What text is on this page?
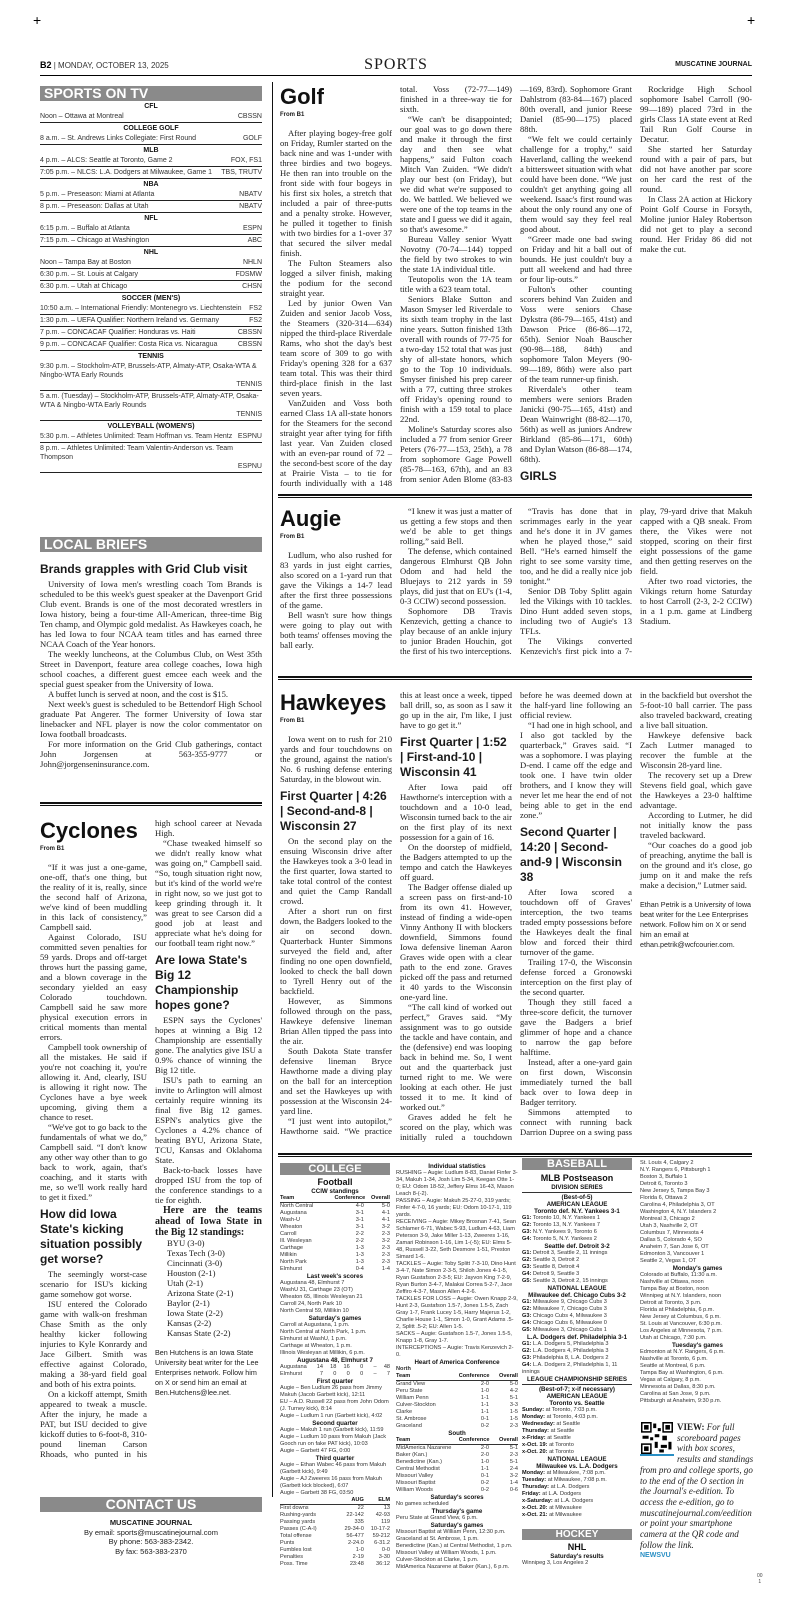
+	+
B2 | MONDAY, OCTOBER 13, 2025	SPORTS	MUSCATINE JOURNAL
SPORTS ON TV
CFL
Noon – Ottawa at Montreal	CBSSN
COLLEGE GOLF
8 a.m. – St. Andrews Links Collegiate: First Round	GOLF
MLB
4 p.m. – ALCS: Seattle at Toronto, Game 2	FOX, FS1
7:05 p.m. – NLCS: L.A. Dodgers at Milwaukee, Game 1 TBS, TRUTV
NBA
5 p.m. – Preseason: Miami at Atlanta	NBATV
8 p.m. – Preseason: Dallas at Utah	NBATV
NFL
6:15 p.m. – Buffalo at Atlanta	ESPN
7:15 p.m. – Chicago at Washington	ABC
NHL
Noon – Tampa Bay at Boston	NHLN
6:30 p.m. – St. Louis at Calgary	FDSMW
6:30 p.m. – Utah at Chicago	CHSN
SOCCER (MEN'S)
10:50 a.m. – International Friendly: Montenegro vs. Liechtenstein FS2
1:30 p.m. – UEFA Qualifier: Northern Ireland vs. Germany	FS2
7 p.m. – CONCACAF Qualifier: Honduras vs. Haiti	CBSSN
9 p.m. – CONCACAF Qualifier: Costa Rica vs. Nicaragua	CBSSN
TENNIS
9:30 p.m. – Stockholm-ATP, Brussels-ATP, Almaty-ATP, Osaka-WTA & Ningbo-WTA Early Rounds
TENNIS
5 a.m. (Tuesday) – Stockholm-ATP, Brussels-ATP, Almaty-ATP, Osaka-WTA & Ningbo-WTA Early Rounds
TENNIS
VOLLEYBALL (WOMEN'S)
5:30 p.m. – Athletes Unlimited: Team Hoffman vs. Team Hentz ESPNU
8 p.m. – Athletes Unlimited: Team Valentin-Anderson vs. Team Thompson
ESPNU
LOCAL BRIEFS
Brands grapples with Grid Club visit

University of Iowa men's wrestling coach Tom Brands is scheduled to be this week's guest speaker at the Davenport Grid Club event. Brands is one of the most decorated wrestlers in Iowa history, being a four-time All-American, three-time Big Ten champ, and Olympic gold medalist. As Hawkeyes coach, he has led Iowa to four NCAA team titles and has earned three NCAA Coach of the Year honors.

The weekly luncheons, at the Columbus Club, on West 35th Street in Davenport, feature area college coaches, Iowa high school coaches, a different guest emcee each week and the special guest speaker from the University of Iowa.

A buffet lunch is served at noon, and the cost is $15.

Next week's guest is scheduled to be Bettendorf High School graduate Pat Angerer. The former University of Iowa star linebacker and NFL player is now the color commentator on Iowa football broadcasts.

For more information on the Grid Club gatherings, contact John Jorgensen at 563-355-9777 or John@jorgenseninsurance.com.

Cyclones
From B1

“If it was just a one-game, one-off, that's one thing, but the reality of it is, really, since the second half of Arizona, we've kind of been muddling in this lack of consistency,” Campbell said.

Against Colorado, ISU committed seven penalties for 59 yards. Drops and off-target throws hurt the passing game, and a blown coverage in the secondary yielded an easy Colorado touchdown. Campbell said he saw more physical execution errors in critical moments than mental errors.

Campbell took ownership of all the mistakes. He said if you're not coaching it, you're allowing it. And, clearly, ISU is allowing it right now. The Cyclones have a bye week upcoming, giving them a chance to reset.

“We've got to go back to the fundamentals of what we do,” Campbell said. “I don't know any other way other than to go back to work, again, that's coaching, and it starts with me, so we'll work really hard to get it fixed.”

How did Iowa State's kicking situation possibly get worse?

The seemingly worst-case scenario for ISU's kicking game somehow got worse.

ISU entered the Colorado game with walk-on freshman Chase Smith as the only healthy kicker following injuries to Kyle Konrardy and Jace Gilbert. Smith was effective against Colorado, making a 38-yard field goal and both of his extra points.

On a kickoff attempt, Smith appeared to tweak a muscle. After the injury, he made a PAT, but ISU decided to give kickoff duties to 6-foot-8, 310-pound lineman Carson Rhoads, who punted in his high school career at Nevada High.

“Chase tweaked himself so we didn't really know what was going on,” Campbell said. “So, tough situation right now, but it's kind of the world we're in right now, so we just got to keep grinding through it. It was great to see Carson did a good job at least and appreciate what he's doing for our football team right now.”

Are Iowa State's Big 12 Championship hopes gone?

ESPN says the Cyclones' hopes at winning a Big 12 Championship are essentially gone. The analytics give ISU a 0.9% chance of winning the Big 12 title.

ISU's path to earning an invite to Arlington will almost certainly require winning its final five Big 12 games. ESPN's analytics give the Cyclones a 4.2% chance of beating BYU, Arizona State, TCU, Kansas and Oklahoma State.

Back-to-back losses have dropped ISU from the top of the conference standings to a tie for eighth.

Here are the teams ahead of Iowa State in the Big 12 standings:

BYU (3-0)
Texas Tech (3-0)
Cincinnati (3-0)
Houston (2-1)
Utah (2-1)
Arizona State (2-1)
Baylor (2-1)
Iowa State (2-2)
Kansas (2-2)
Kansas State (2-2)
Ben Hutchens is an Iowa State University beat writer for the Lee Enterprises network. Follow him on X or send him an email at Ben.Hutchens@lee.net.
CONTACT US
MUSCATINE JOURNAL
By email: sports@muscatinejournal.com
By phone: 563-383-2342.
By fax: 563-383-2370
Golf
From B1

After playing bogey-free golf on Friday, Rumler started on the back nine and was 1-under with three birdies and two bogeys. He then ran into trouble on the front side with four bogeys in his first six holes, a stretch that included a pair of three-putts and a penalty stroke. However, he pulled it together to finish with two birdies for a 1-over 37 that secured the silver medal finish.

The Fulton Steamers also logged a silver finish, making the podium for the second straight year.

Led by junior Owen Van Zuiden and senior Jacob Voss, the Steamers (320-314—634) nipped the third-place Riverdale Rams, who shot the day's best team score of 309 to go with Friday's opening 328 for a 637 team total. This was their third third-place finish in the last seven years.

VanZuiden and Voss both earned Class 1A all-state honors for the Steamers for the second straight year after tying for fifth last year. Van Zuiden closed with an even-par round of 72 – the second-best score of the day at Prairie Vista – to tie for fourth individually with a 148 total. Voss (72-77—149) finished in a three-way tie for sixth.

“We can't be disappointed; our goal was to go down there and make it through the first day and then see what happens,” said Fulton coach Mitch Van Zuiden. “We didn't play our best (on Friday), but we did what we're supposed to do. We battled. We believed we were one of the top teams in the state and I guess we did it again, so that's awesome.”

Bureau Valley senior Wyatt Novotny (70-74—144) topped the field by two strokes to win the state 1A individual title.

Teutopolis won the 1A team title with a 623 team total.

Seniors Blake Sutton and Mason Smyser led Riverdale to its sixth team trophy in the last nine years. Sutton finished 13th overall with rounds of 77-75 for a two-day 152 total that was just shy of all-state honors, which go to the Top 10 individuals. Smyser finished his prep career with a 77, cutting three strokes off Friday's opening round to finish with a 159 total to place 22nd.

Moline's Saturday scores also included a 77 from senior Greer Peters (76-77—153, 25th), a 78 from sophomore Gage Powell (85-78—163, 67th), and an 83 from senior Aden Blome (83-83—169, 83rd). Sophomore Grant Dahlstrom (83-84—167) placed 80th overall, and junior Reese Daniel (85-90—175) placed 88th.

“We felt we could certainly challenge for a trophy,” said Haverland, calling the weekend a bittersweet situation with what could have been done. “We just couldn't get anything going all weekend. Isaac's first round was about the only round any one of them would say they feel real good about.

“Greer made one bad swing on Friday and hit a ball out of bounds. He just couldn't buy a putt all weekend and had three or four lip-outs.”

Fulton's other counting scorers behind Van Zuiden and Voss were seniors Chase Dykstra (86-79—165, 41st) and Dawson Price (86-86—172, 65th). Senior Noah Bauscher (90-98—188, 84th) and sophomore Talon Meyers (90-99—189, 86th) were also part of the team runner-up finish.

Riverdale's other team members were seniors Braden Janicki (90-75—165, 41st) and Dean Wainwright (88-82—170, 56th) as well as juniors Andrew Birkland (85-86—171, 60th) and Dylan Watson (86-88—174, 68th).

GIRLS

Rockridge High School sophomore Isabel Carroll (90-99—189) placed 73rd in the girls Class 1A state event at Red Tail Run Golf Course in Decatur.

She started her Saturday round with a pair of pars, but did not have another par score on her card the rest of the round.

In Class 2A action at Hickory Point Golf Course in Forsyth, Moline junior Haley Robertson did not get to play a second round. Her Friday 86 did not make the cut.

Augie
From B1

Ludlum, who also rushed for 83 yards in just eight carries, also scored on a 1-yard run that gave the Vikings a 14-7 lead after the first three possessions of the game.

Bell wasn't sure how things were going to play out with both teams' offenses moving the ball early.

“I knew it was just a matter of us getting a few stops and then we'd be able to get things rolling,” said Bell.

The defense, which contained dangerous Elmhurst QB John Odom and had held the Bluejays to 212 yards in 59 plays, did just that on EU's (1-4, 0-3 CCIW) second possession.

Sophomore DB Travis Kenzevich, getting a chance to play because of an ankle injury to junior Braden Houchin, got the first of his two interceptions.

“Travis has done that in scrimmages early in the year and he's done it in JV games when he played those,” said Bell. “He's earned himself the right to see some varsity time, too, and he did a really nice job tonight.”

Senior DB Toby Splitt again led the Vikings with 10 tackles. Dino Hunt added seven stops, including two of Augie's 13 TFLs.

The Vikings converted Kenzevich's first pick into a 7-play, 79-yard drive that Makuh capped with a QB sneak. From there, the Vikes were not stopped, scoring on their first eight possessions of the game and then getting reserves on the field.

After two road victories, the Vikings return home Saturday to host Carroll (2-3, 2-2 CCIW) in a 1 p.m. game at Lindberg Stadium.

Hawkeyes
From B1

Iowa went on to rush for 210 yards and four touchdowns on the ground, against the nation's No. 6 rushing defense entering Saturday, in the blowout win.

First Quarter | 4:26 | Second-and-8 | Wisconsin 27

On the second play on the ensuing Wisconsin drive after the Hawkeyes took a 3-0 lead in the first quarter, Iowa started to take total control of the contest and quiet the Camp Randall crowd.

After a short run on first down, the Badgers looked to the air on second down. Quarterback Hunter Simmons surveyed the field and, after finding no one open downfield, looked to check the ball down to Tyrell Henry out of the backfield.

However, as Simmons followed through on the pass, Hawkeye defensive lineman Brian Allen tipped the pass into the air.

South Dakota State transfer defensive lineman Bryce Hawthorne made a diving play on the ball for an interception and set the Hawkeyes up with possession at the Wisconsin 24-yard line.

“I just went into autopilot,” Hawthorne said. “We practice this at least once a week, tipped ball drill, so, as soon as I saw it go up in the air, I'm like, I just have to go get it.”

First Quarter | 1:52 | First-and-10 | Wisconsin 41

After Iowa paid off Hawthorne's interception with a touchdown and a 10-0 lead, Wisconsin turned back to the air on the first play of its next possession for a gain of 16.

On the doorstep of midfield, the Badgers attempted to up the tempo and catch the Hawkeyes off guard.

The Badger offense dialed up a screen pass on first-and-10 from its own 41. However, instead of finding a wide-open Vinny Anthony II with blockers downfield, Simmons found Iowa defensive lineman Aaron Graves wide open with a clear path to the end zone. Graves picked off the pass and returned it 40 yards to the Wisconsin one-yard line.

“The call kind of worked out perfect,” Graves said. “My assignment was to go outside the tackle and have contain, and the (defensive) end was looping back in behind me. So, I went out and the quarterback just turned right to me. We were looking at each other. He just tossed it to me. It kind of worked out.”

Graves added he felt he scored on the play, which was initially ruled a touchdown before he was deemed down at the half-yard line following an official review.

“I had one in high school, and I also got tackled by the quarterback,” Graves said. “I was a sophomore. I was playing D-end. I came off the edge and took one. I have twin older brothers, and I know they will never let me hear the end of not being able to get in the end zone.”

Second Quarter | 14:20 | Second-and-9 | Wisconsin 38

After Iowa scored a touchdown off of Graves' interception, the two teams traded empty possessions before the Hawkeyes dealt the final blow and forced their third turnover of the game.

Trailing 17-0, the Wisconsin defense forced a Gronowski interception on the first play of the second quarter.

Though they still faced a three-score deficit, the turnover gave the Badgers a brief glimmer of hope and a chance to narrow the gap before halftime.

Instead, after a one-yard gain on first down, Wisconsin immediately turned the ball back over to Iowa deep in Badger territory.

Simmons attempted to connect with running back Darrion Dupree on a swing pass in the backfield but overshot the 5-foot-10 ball carrier. The pass also traveled backward, creating a live ball situation.

Hawkeye defensive back Zach Lutmer managed to recover the fumble at the Wisconsin 28-yard line.

The recovery set up a Drew Stevens field goal, which gave the Hawkeyes a 23-0 halftime advantage.

According to Lutmer, he did not initially know the pass traveled backward.

“Our coaches do a good job of preaching, anytime the ball is on the ground and it's close, go jump on it and make the refs make a decision,” Lutmer said.

Ethan Petrik is a University of Iowa beat writer for the Lee Enterprises network. Follow him on X or send him an email at ethan.petrik@wcfcourier.com.
COLLEGE
Football
CCIW standings
Team	Conference	Overall
North Central	4-0	5-0
Augustana	3-1	4-1
Wash-U	3-1	4-1
Wheaton	3-1	3-2
Carroll	2-2	2-3
Ill. Wesleyan	2-2	3-2
Carthage	1-3	2-3
Millikin	1-3	2-3
North Park	1-3	2-3
Elmhurst	0-4	1-4
Last week's scores
Augustana 48, Elmhurst 7
WashU 31, Carthage 23 (OT)
Wheaton 65, Illinois Wesleyan 21
Carroll 24, North Park 10
North Central 59, Millikin 10
Saturday's games
Carroll at Augustana, 1 p.m.
North Central at North Park, 1 p.m.
Elmhurst at WashU, 1 p.m.
Carthage at Wheaton, 1 p.m.
Illinois Wesleyan at Millikin, 6 p.m.
Augustana 48, Elmhurst 7
Augustana	14	18	16	0	–	48
Elmhurst	7	0	0	0	–	7
First quarter
Augie – Ben Ludlum 26 pass from Jimmy Makuh (Jacob Garbett kick), 12:11
EU – A.D. Russell 22 pass from John Odom (J. Turney kick), 8:14
Augie – Ludlum 1 run (Garbett kick), 4:02
Second quarter
Augie – Makuh 1 run (Garbett kick), 11:59
Augie – Ludlum 10 pass from Makuh (Jack Gooch run on fake PAT kick), 10:03
Augie – Garbett 47 FG, 0:00
Third quarter
Augie – Ethan Wabec 46 pass from Makuh (Garbett kick), 9:49
Augie – AJ Zweeres 16 pass from Makuh (Garbett kick blocked), 6:07
Augie – Garbett 38 FG, 03:50
AUG	ELM
First downs	22	13
Rushing-yards	22-142	42-93
Passing yards	335	119
Passes (C-A-I)	29-34-0	10-17-2
Total offense	56-477	59-212
Punts	2-24.0	6-31.2
Fumbles lost	1-0	0-0
Penalties	2-19	3-30
Poss. Time	23:48	36:12
Individual statistics
RUSHING – Augie: Ludlum 8-83, Daniel Finfer 3-34, Makuh 1-34, Josh Lim 5-34, Keegan Otte 1-0; EU: Odom 18-52, Jeffery Elms 16-43, Mason Leach 8-(-2).
PASSING – Augie: Makuh 25-27-0, 319 yards; Finfer 4-7-0, 16 yards; EU: Odom 10-17-1, 119 yards.
RECEIVING – Augie: Mikey Brosnan 7-41, Sean Schlamer 6-71, Wabec 5-93, Ludlum 4-63, Liam Peterson 3-9, Jake Miller 1-13, Zweeres 1-16, Zamari Robinson 1-16, Lim 1-(-5); EU: Elms 5-48, Russell 3-22, Seth Desmore 1-51, Preston Simard 1-6.
TACKLES – Augie: Toby Splitt 7-3-10, Dino Hunt 3-4-7, Nate Simon 2-3-5, Shiloh Jones 4-1-5, Ryan Gustafson 2-3-5; EU: Jayvon King 7-2-9, Ryan Burton 3-4-7, Malakai Correa 5-2-7, Jace Zeffiro 4-3-7, Mason Allen 4-2-6.
TACKLES FOR LOSS – Augie: Owen Knapp 2-9, Hunt 2-3, Gustafson 1.5-7, Jones 1.5-5, Zach Gray 1-7, Frank Lucey 1-5, Harry Majerus 1-2, Charlie House 1-1, Simon 1-0, Grant Adams .5-2, Splitt .5-2; EU: Allen 1-5.
SACKS – Augie: Gustafson 1.5-7, Jones 1.5-5, Knapp 1-8, Gray 1-7.
INTERCEPTIONS – Augie: Travis Kenzevich 2-0.
Heart of America Conference
North
Team	Conference	Overall
Grand View	2-0	5-0
Peru State	1-0	4-2
William Penn	1-1	5-1
Culver-Stockton	1-1	3-3
Clarke	1-1	1-5
St. Ambrose	0-1	1-5
Graceland	0-2	2-3
South
Team	Conference	Overall
MidAmerica Nazarene	2-0	5-1
Baker (Kan.)	2-0	2-3
Benedictine (Kan.)	1-0	5-1
Central Methodist	1-1	2-4
Missouri Valley	0-1	3-2
Missouri Baptist	0-2	1-4
William Woods	0-2	0-6
Saturday's scores
No games scheduled
Thursday's game
Peru State at Grand View, 6 p.m.
Saturday's games
Missouri Baptist at William Penn, 12:30 p.m.
Graceland at St. Ambrose, 1 p.m.
Benedictine (Kan.) at Central Methodist, 1 p.m.
Missouri Valley at William Woods, 1 p.m.
Culver-Stockton at Clarke, 1 p.m.
MidAmerica Nazarene at Baker (Kan.), 6 p.m.
BASEBALL
MLB Postseason
DIVISION SERIES
(Best-of-5)
AMERICAN LEAGUE
Toronto def. N.Y. Yankees 3-1
G1: Toronto 10, N.Y. Yankees 1
G2: Toronto 13, N.Y. Yankees 7
G3: N.Y. Yankees 9, Toronto 6
G4: Toronto 5, N.Y. Yankees 2
Seattle def. Detroit 3-2
G1: Detroit 3, Seattle 2, 11 innings
G2: Seattle 3, Detroit 2
G3: Seattle 8, Detroit 4
G4: Detroit 9, Seattle 3
G5: Seattle 3, Detroit 2, 15 innings
NATIONAL LEAGUE
Milwaukee def. Chicago Cubs 3-2
G1: Milwaukee 9, Chicago Cubs 3
G2: Milwaukee 7, Chicago Cubs 3
G3: Chicago Cubs 4, Milwaukee 3
G4: Chicago Cubs 6, Milwaukee 0
G5: Milwaukee 3, Chicago Cubs 1
L.A. Dodgers def. Philadelphia 3-1
G1: L.A. Dodgers 5, Philadelphia 3
G2: L.A. Dodgers 4, Philadelphia 3
G3: Philadelphia 8, L.A. Dodgers 2
G4: L.A. Dodgers 2, Philadelphia 1, 11 innings
LEAGUE CHAMPIONSHIP SERIES
(Best-of-7; x-if necessary)
AMERICAN LEAGUE
Toronto vs. Seattle
Sunday: at Toronto, 7:03 p.m.
Monday: at Toronto, 4:03 p.m.
Wednesday: at Seattle
Thursday: at Seattle
x-Friday: at Seattle
x-Oct. 19: at Toronto
x-Oct. 20: at Toronto
NATIONAL LEAGUE
Milwaukee vs. L.A. Dodgers
Monday: at Milwaukee, 7:08 p.m.
Tuesday: at Milwaukee, 7:08 p.m.
Thursday: at L.A. Dodgers
Friday: at L.A. Dodgers
x-Saturday: at L.A. Dodgers
x-Oct. 20: at Milwaukee
x-Oct. 21: at Milwaukee
HOCKEY
NHL
Saturday's results
Winnipeg 3, Los Angeles 2
St. Louis 4, Calgary 2
N.Y. Rangers 6, Pittsburgh 1
Boston 3, Buffalo 1
Detroit 6, Toronto 3
New Jersey 5, Tampa Bay 3
Florida 6, Ottawa 2
Carolina 4, Philadelphia 3, OT
Washington 4, N.Y. Islanders 2
Montreal 3, Chicago 2
Utah 3, Nashville 2, OT
Columbus 7, Minnesota 4
Dallas 5, Colorado 4, SO
Anaheim 7, San Jose 6, OT
Edmonton 3, Vancouver 1
Seattle 2, Vegas 1, OT
Monday's games
Colorado at Buffalo, 11:30 a.m.
Nashville at Ottawa, noon
Tampa Bay at Boston, noon
Winnipeg at N.Y. Islanders, noon
Detroit at Toronto, 3 p.m.
Florida at Philadelphia, 6 p.m.
New Jersey at Columbus, 6 p.m.
St. Louis at Vancouver, 6:30 p.m.
Los Angeles at Minnesota, 7 p.m.
Utah at Chicago, 7:30 p.m.
Tuesday's games
Edmonton at N.Y. Rangers, 6 p.m.
Nashville at Toronto, 6 p.m.
Seattle at Montreal, 6 p.m.
Tampa Bay at Washington, 6 p.m.
Vegas at Calgary, 8 p.m.
Minnesota at Dallas, 8:30 p.m.
Carolina at San Jose, 9 p.m.
Pittsburgh at Anaheim, 9:30 p.m.
VIEW: For full scoreboard pages with box scores, results and standings from pro and college sports, go to the end of the O section in the Journal's e-edition. To access the e-edition, go to muscatinejournal.com/eedition or point your smartphone camera at the QR code and follow the link.
NEWSVU
00
1
